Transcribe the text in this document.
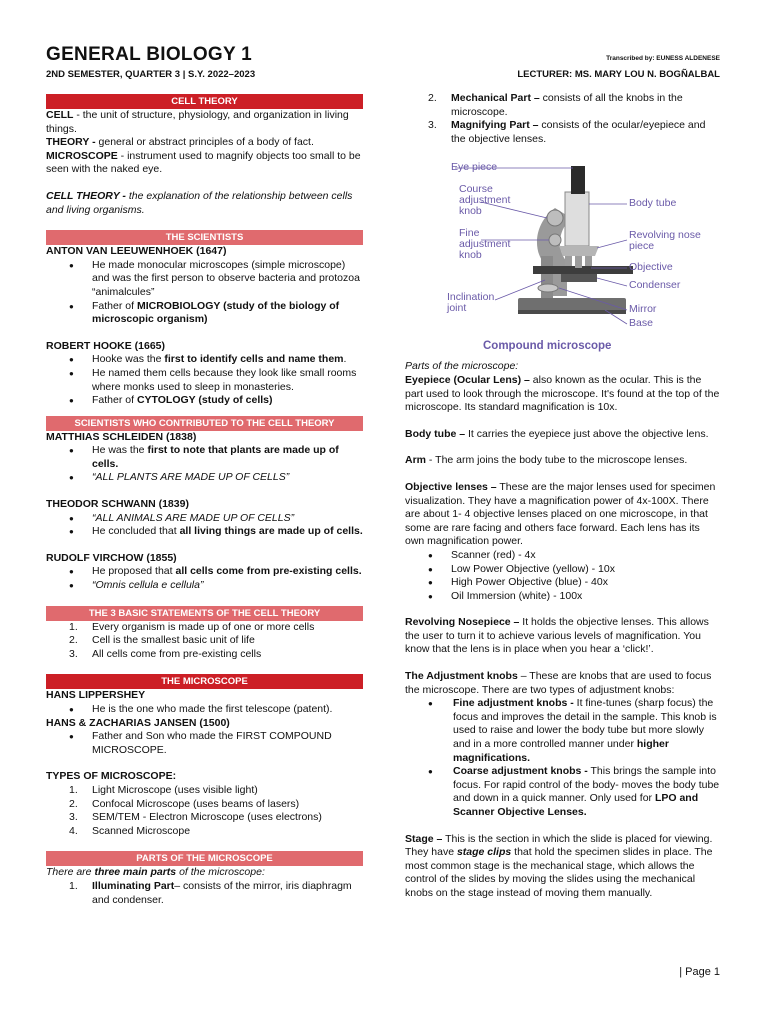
GENERAL BIOLOGY 1
2ND SEMESTER, QUARTER 3 | S.Y. 2022–2023
Transcribed by: EUNESS ALDENESE
LECTURER: MS. MARY LOU N. BOGÑALBAL
CELL THEORY

CELL - the unit of structure, physiology, and organization in living things.

THEORY - general or abstract principles of a body of fact.

MICROSCOPE - instrument used to magnify objects too small to be seen with the naked eye.

CELL THEORY - the explanation of the relationship between cells and living organisms.

THE SCIENTISTS

ANTON VAN LEEUWENHOEK (1647)

● He made monocular microscopes (simple microscope) and was the first person to observe bacteria and protozoa “animalcules”
● Father of MICROBIOLOGY (study of the biology of microscopic organism)

ROBERT HOOKE (1665)

● Hooke was the first to identify cells and name them.
● He named them cells because they look like small rooms where monks used to sleep in monasteries.
● Father of CYTOLOGY (study of cells)
SCIENTISTS WHO CONTRIBUTED TO THE CELL THEORY

MATTHIAS SCHLEIDEN (1838)

● He was the first to note that plants are made up of cells.
● “ALL PLANTS ARE MADE UP OF CELLS”

THEODOR SCHWANN (1839)

● “ALL ANIMALS ARE MADE UP OF CELLS”
● He concluded that all living things are made up of cells.

RUDOLF VIRCHOW (1855)

● He proposed that all cells come from pre-existing cells.
● “Omnis cellula e cellula”
THE 3 BASIC STATEMENTS OF THE CELL THEORY
1. Every organism is made up of one or more cells
2. Cell is the smallest basic unit of life
3. All cells come from pre-existing cells
THE MICROSCOPE

HANS LIPPERSHEY

● He is the one who made the first telescope (patent).

HANS & ZACHARIAS JANSEN (1500)

● Father and Son who made the FIRST COMPOUND MICROSCOPE.

TYPES OF MICROSCOPE:

1. Light Microscope (uses visible light)
2. Confocal Microscope (uses beams of lasers)
3. SEM/TEM - Electron Microscope (uses electrons)
4. Scanned Microscope
PARTS OF THE MICROSCOPE

There are three main parts of the microscope:

1. Illuminating Part– consists of the mirror, iris diaphragm and condenser.
2. Mechanical Part – consists of all the knobs in the microscope.
3. Magnifying Part – consists of the ocular/eyepiece and the objective lenses.
Eye piece
Course adjustment knob
Fine adjustment knob
Inclination joint
Body tube
Revolving nose piece
Objective
Condenser
Mirror
Base
Compound microscope

Parts of the microscope:

Eyepiece (Ocular Lens) – also known as the ocular. This is the part used to look through the microscope. It's found at the top of the microscope. Its standard magnification is 10x.

Body tube – It carries the eyepiece just above the objective lens.

Arm - The arm joins the body tube to the microscope lenses.

Objective lenses – These are the major lenses used for specimen visualization. They have a magnification power of 4x-100X. There are about 1- 4 objective lenses placed on one microscope, in that some are rare facing and others face forward. Each lens has its own magnification power.

● Scanner (red) - 4x
● Low Power Objective (yellow) - 10x
● High Power Objective (blue) - 40x
● Oil Immersion (white) - 100x

Revolving Nosepiece – It holds the objective lenses. This allows the user to turn it to achieve various levels of magnification. You know that the lens is in place when you hear a ‘click!’.

The Adjustment knobs – These are knobs that are used to focus the microscope. There are two types of adjustment knobs:

● Fine adjustment knobs - It fine-tunes (sharp focus) the focus and improves the detail in the sample. This knob is used to raise and lower the body tube but more slowly and in a more controlled manner under higher magnifications.
● Coarse adjustment knobs - This brings the sample into focus. For rapid control of the body- moves the body tube and down in a quick manner. Only used for LPO and Scanner Objective Lenses.

Stage – This is the section in which the slide is placed for viewing. They have stage clips that hold the specimen slides in place. The most common stage is the mechanical stage, which allows the control of the slides by moving the slides using the mechanical knobs on the stage instead of moving them manually.

| Page 1
